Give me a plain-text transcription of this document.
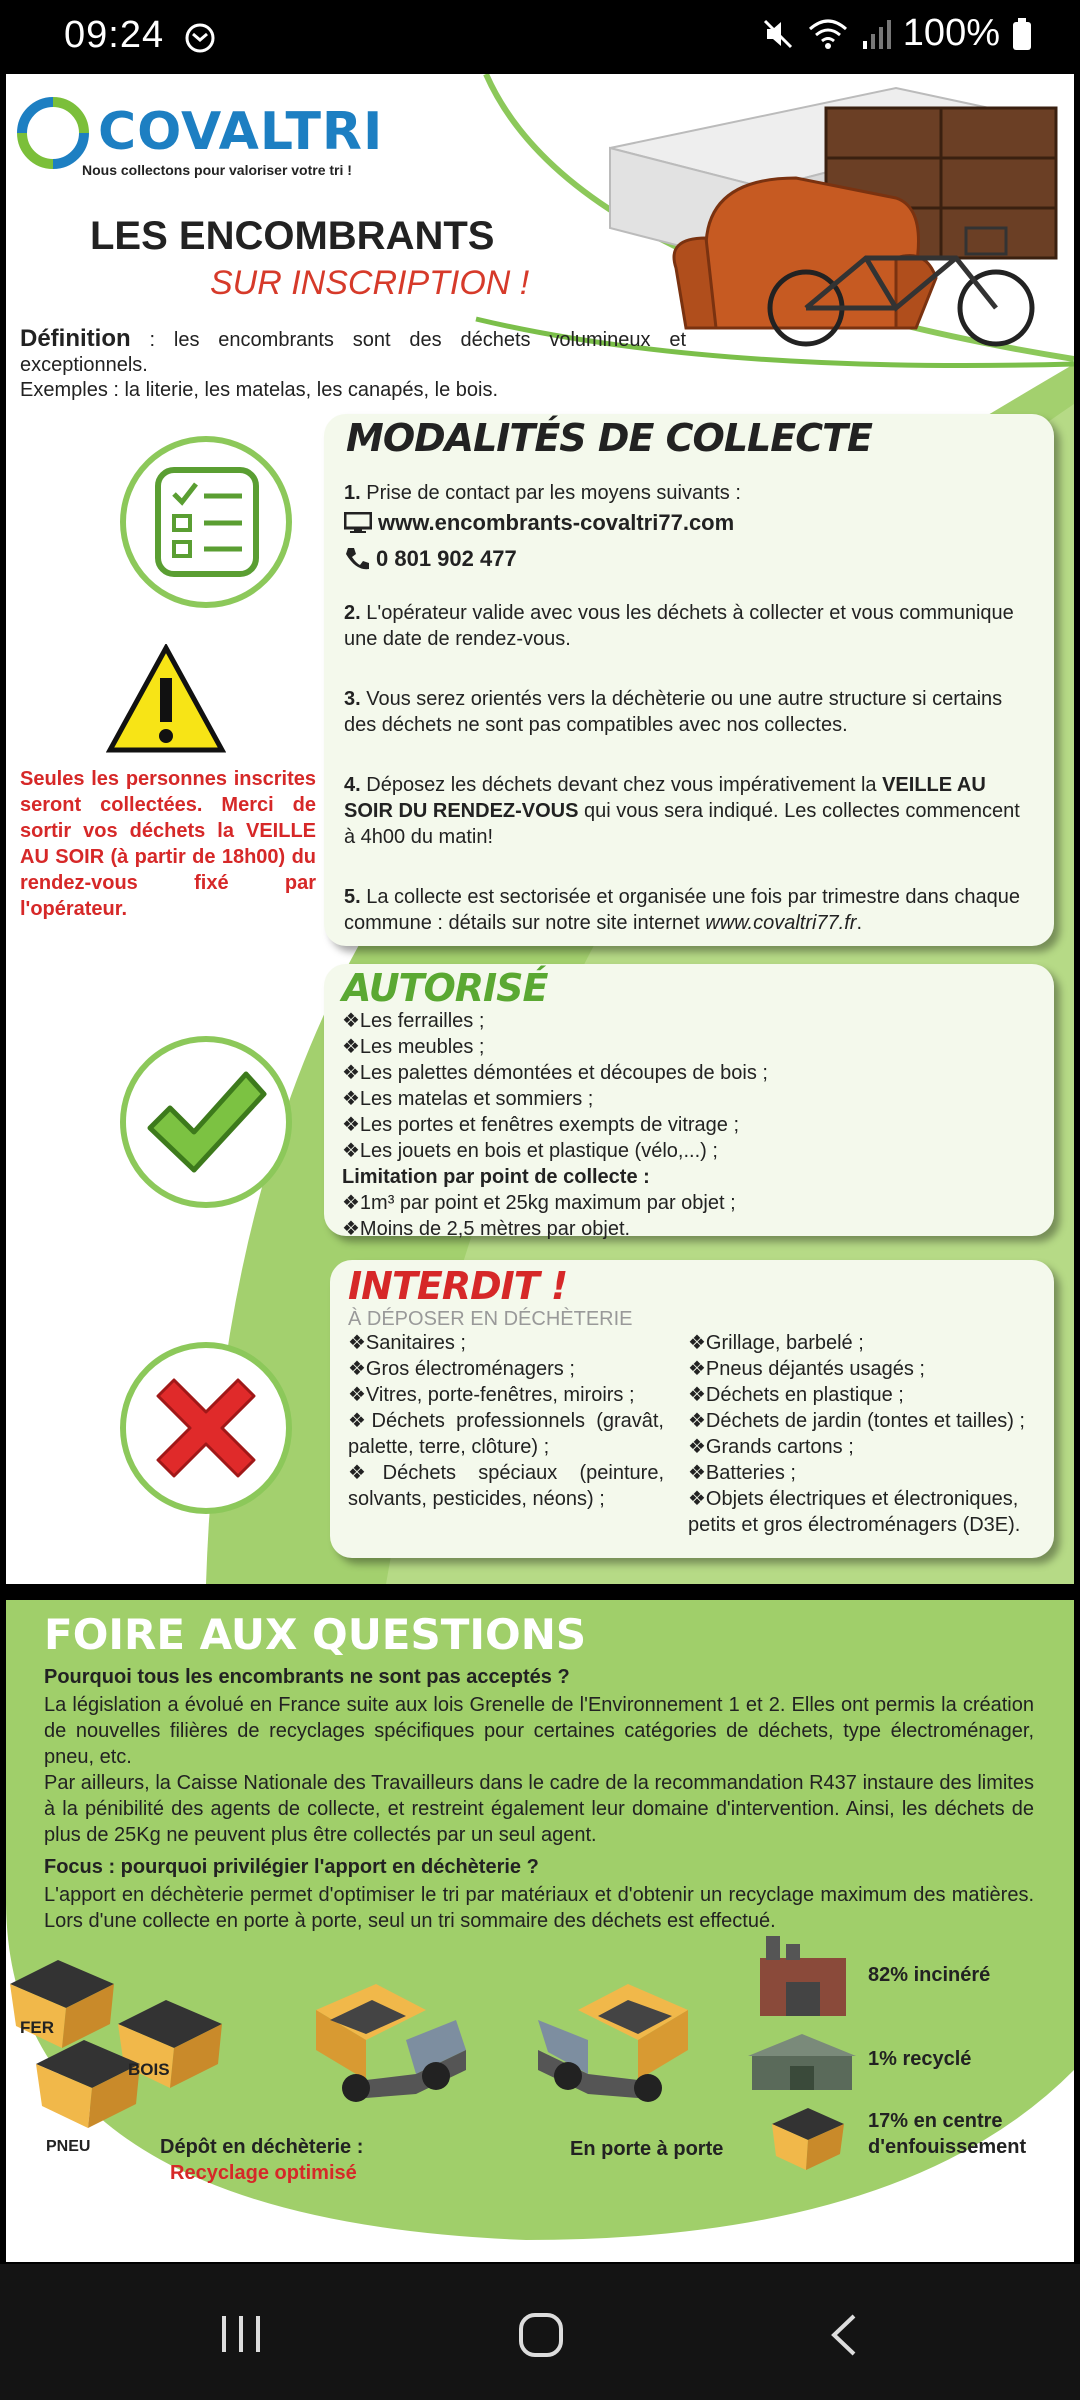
09:24	100%
COVALTRI
Nous collectons pour valoriser votre tri !
LES ENCOMBRANTS
SUR INSCRIPTION !
Définition : les encombrants sont des déchets volumineux et exceptionnels.
Exemples : la literie, les matelas, les canapés, le bois.
Seules les personnes inscrites seront collectées. Merci de sortir vos déchets la VEILLE AU SOIR (à partir de 18h00) du rendez-vous fixé par l'opérateur.
MODALITÉS DE COLLECTE
1. Prise de contact par les moyens suivants :
www.encombrants-covaltri77.com
0 801 902 477
2. L'opérateur valide avec vous les déchets à collecter et vous communique une date de rendez-vous.
3. Vous serez orientés vers la déchèterie ou une autre structure si certains des déchets ne sont pas compatibles avec nos collectes.
4. Déposez les déchets devant chez vous impérativement la VEILLE AU SOIR DU RENDEZ-VOUS qui vous sera indiqué. Les collectes commencent à 4h00 du matin!
5. La collecte est sectorisée et organisée une fois par trimestre dans chaque commune : détails sur notre site internet www.covaltri77.fr.
AUTORISÉ
❖Les ferrailles ;
❖Les meubles ;
❖Les palettes démontées et découpes de bois ;
❖Les matelas et sommiers ;
❖Les portes et fenêtres exempts de vitrage ;
❖Les jouets en bois et plastique (vélo,...) ;
Limitation par point de collecte :
❖1m³ par point et 25kg maximum par objet ;
❖Moins de 2,5 mètres par objet.
INTERDIT !
À DÉPOSER EN DÉCHÈTERIE
❖Sanitaires ;
❖Gros électroménagers ;
❖Vitres, porte-fenêtres, miroirs ;
❖Déchets professionnels (gravât, palette, terre, clôture) ;
❖Déchets spéciaux (peinture, solvants, pesticides, néons) ;
❖Grillage, barbelé ;
❖Pneus déjantés usagés ;
❖Déchets en plastique ;
❖Déchets de jardin (tontes et tailles) ;
❖Grands cartons ;
❖Batteries ;
❖Objets électriques et électroniques, petits et gros électroménagers (D3E).
FOIRE AUX QUESTIONS
Pourquoi tous les encombrants ne sont pas acceptés ?
La législation a évolué en France suite aux lois Grenelle de l'Environnement 1 et 2. Elles ont permis la création de nouvelles filières de recyclages spécifiques pour certaines catégories de déchets, type électroménager, pneu, etc.
Par ailleurs, la Caisse Nationale des Travailleurs dans le cadre de la recommandation R437 instaure des limites à la pénibilité des agents de collecte, et restreint également leur domaine d'intervention. Ainsi, les déchets de plus de 25Kg ne peuvent plus être collectés par un seul agent.
Focus : pourquoi privilégier l'apport en déchèterie ?
L'apport en déchèterie permet d'optimiser le tri par matériaux et d'obtenir un recyclage maximum des matières. Lors d'une collecte en porte à porte, seul un tri sommaire des déchets est effectué.
FER
BOIS
PNEU	Dépôt en déchèterie :
Recyclage optimisé
En porte à porte
82% incinéré
1% recyclé
17% en centre d'enfouissement
